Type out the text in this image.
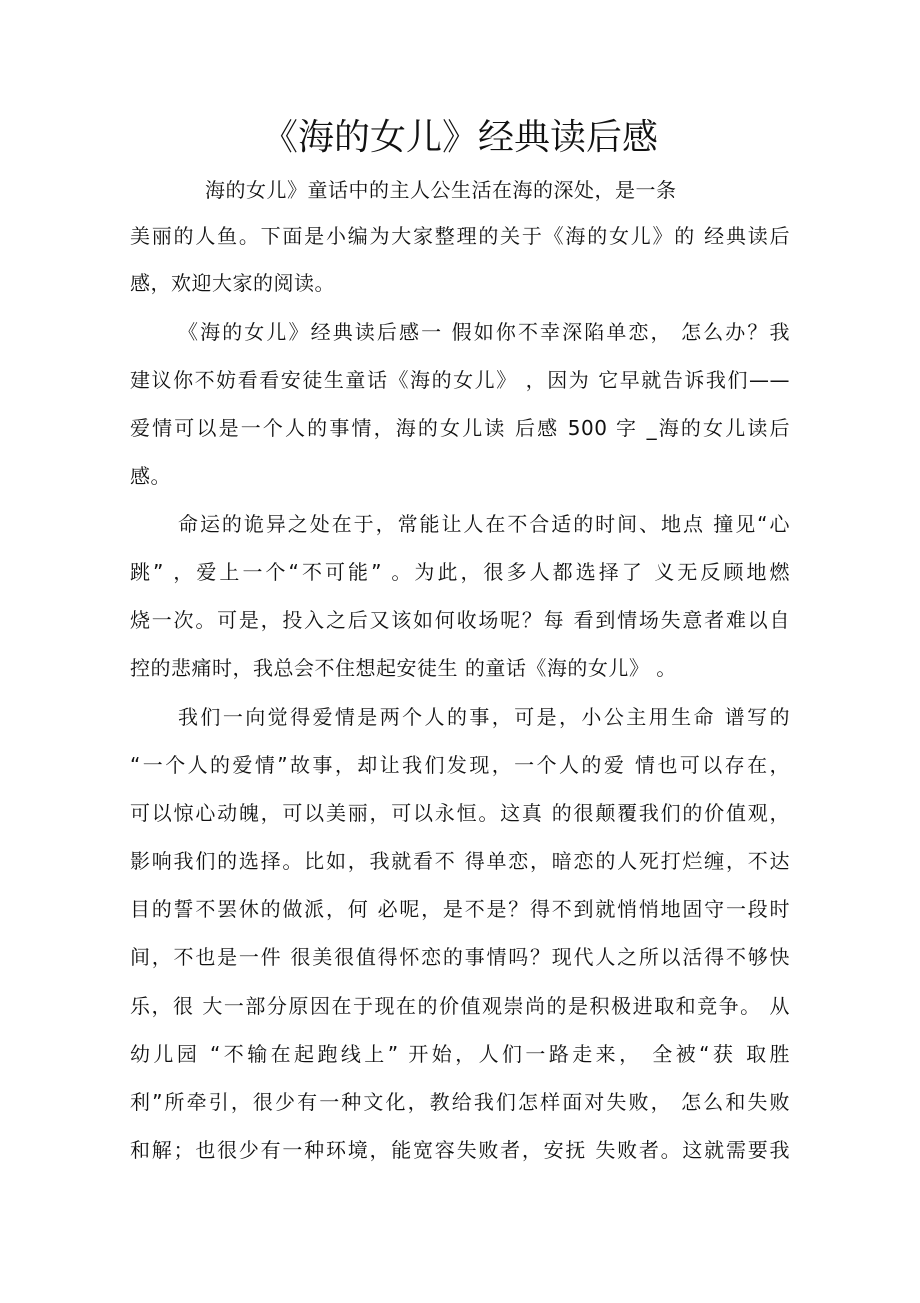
《海的女儿》经典读后感
海的女儿》童话中的主人公生活在海的深处，是一条
美丽的人鱼。下面是小编为大家整理的关于《海的女儿》的 经典读后
感，欢迎大家的阅读。
《海的女儿》经典读后感一 假如你不幸深陷单恋， 怎么办？我
建议你不妨看看安徒生童话《海的女儿》 ，因为 它早就告诉我们——
爱情可以是一个人的事情，海的女儿读 后感 500 字 _海的女儿读后
感。
命运的诡异之处在于，常能让人在不合适的时间、地点 撞见“心
跳” ，爱上一个“不可能” 。为此，很多人都选择了 义无反顾地燃
烧一次。可是，投入之后又该如何收场呢？每 看到情场失意者难以自
控的悲痛时，我总会不住想起安徒生 的童话《海的女儿》 。
我们一向觉得爱情是两个人的事，可是，小公主用生命 谱写的
“一个人的爱情”故事，却让我们发现，一个人的爱 情也可以存在，
可以惊心动魄，可以美丽，可以永恒。这真 的很颠覆我们的价值观，
影响我们的选择。比如，我就看不 得单恋，暗恋的人死打烂缠，不达
目的誓不罢休的做派，何 必呢，是不是？得不到就悄悄地固守一段时
间，不也是一件 很美很值得怀恋的事情吗？现代人之所以活得不够快
乐，很 大一部分原因在于现在的价值观崇尚的是积极进取和竞争。 从
幼儿园 “不输在起跑线上” 开始，人们一路走来， 全被“获 取胜
利”所牵引，很少有一种文化，教给我们怎样面对失败， 怎么和失败
和解；也很少有一种环境，能宽容失败者，安抚 失败者。这就需要我
